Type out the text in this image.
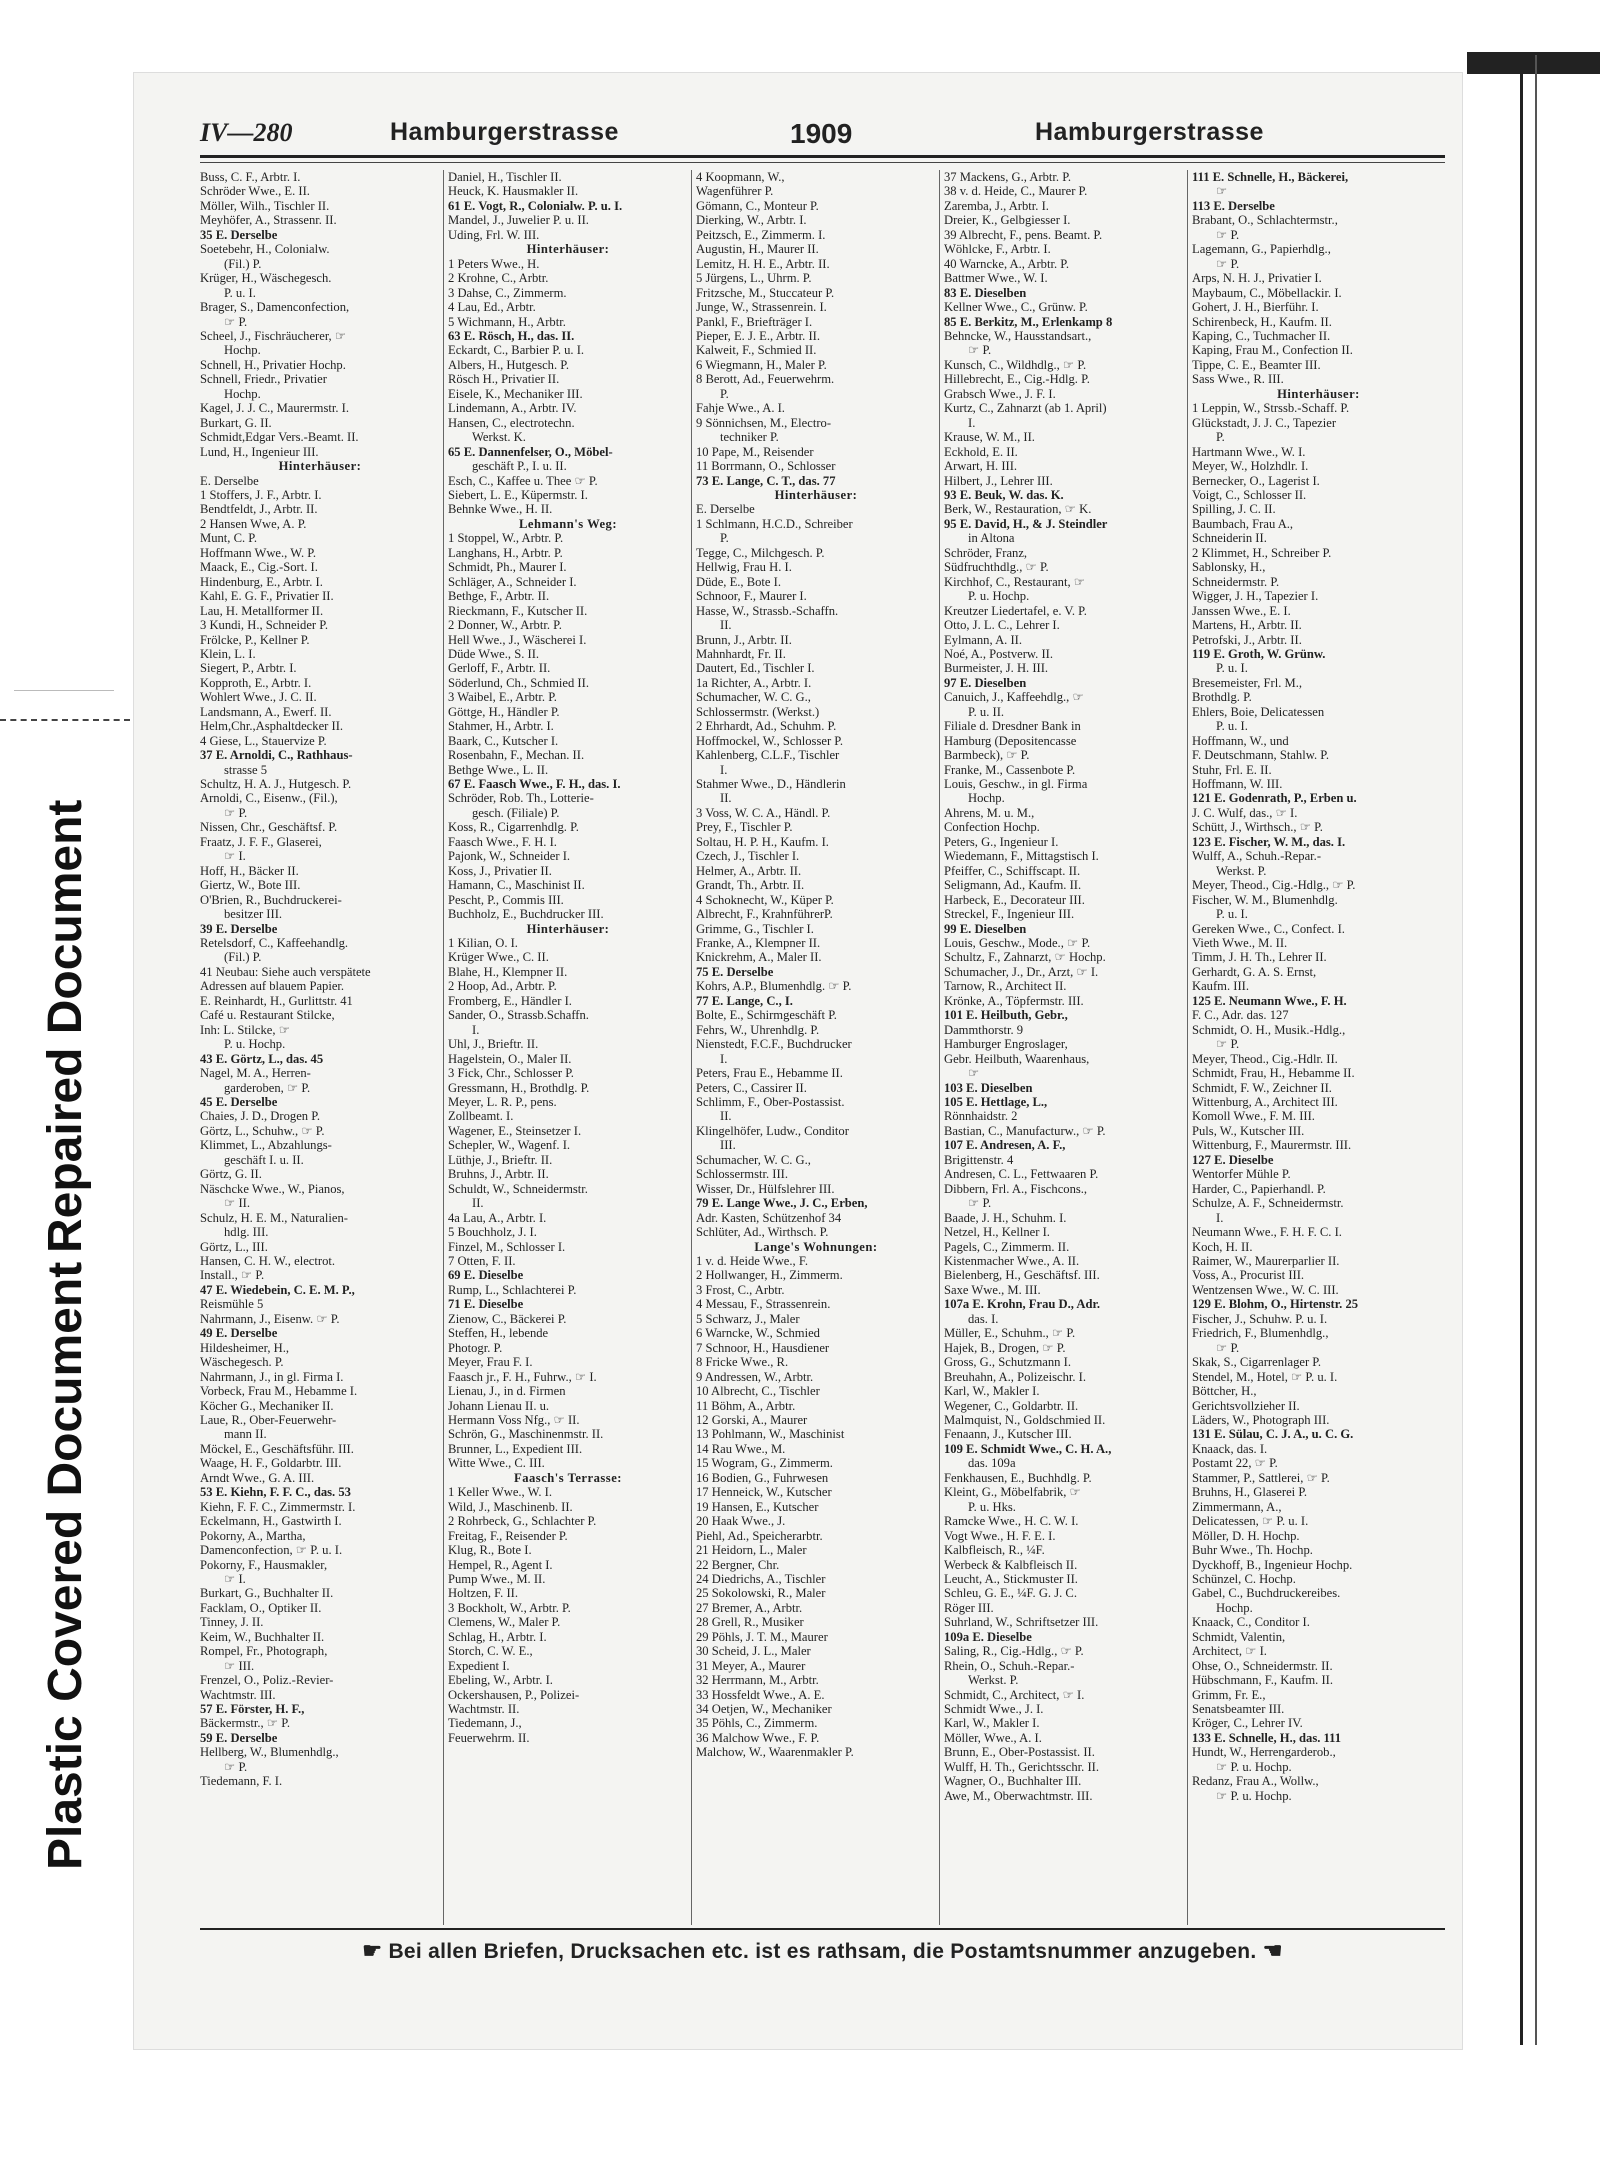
Repaired Document
Plastic Covered Document
IV—280	Hamburgerstrasse	1909	Hamburgerstrasse
Buss, C. F., Arbtr. I.
Schröder Wwe., E. II.
Möller, Wilh., Tischler II.
Meyhöfer, A., Strassenr. II.
35 E. Derselbe
Soetebehr, H., Colonialw.
(Fil.) P.
Krüger, H., Wäschegesch.
P. u. I.
Brager, S., Damenconfection,
☞ P.
Scheel, J., Fischräucherer, ☞
Hochp.
Schnell, H., Privatier Hochp.
Schnell, Friedr., Privatier
Hochp.
Kagel, J. J. C., Maurermstr. I.
Burkart, G. II.
Schmidt,Edgar Vers.-Beamt. II.
Lund, H., Ingenieur III.
Hinterhäuser:
E. Derselbe
1 Stoffers, J. F., Arbtr. I.
Bendtfeldt, J., Arbtr. II.
2 Hansen Wwe, A. P.
Munt, C. P.
Hoffmann Wwe., W. P.
Maack, E., Cig.-Sort. I.
Hindenburg, E., Arbtr. I.
Kahl, E. G. F., Privatier II.
Lau, H. Metallformer II.
3 Kundi, H., Schneider P.
Frölcke, P., Kellner P.
Klein, L. I.
Siegert, P., Arbtr. I.
Kopproth, E., Arbtr. I.
Wohlert Wwe., J. C. II.
Landsmann, A., Ewerf. II.
Helm,Chr.,Asphaltdecker II.
4 Giese, L., Stauervize P.
37 E. Arnoldi, C., Rathhaus-
strasse 5
Schultz, H. A. J., Hutgesch. P.
Arnoldi, C., Eisenw., (Fil.),
☞ P.
Nissen, Chr., Geschäftsf. P.
Fraatz, J. F. F., Glaserei,
☞ I.
Hoff, H., Bäcker II.
Giertz, W., Bote III.
O'Brien, R., Buchdruckerei-
besitzer III.
39 E. Derselbe
Retelsdorf, C., Kaffeehandlg.
(Fil.) P.
41 Neubau: Siehe auch verspätete
Adressen auf blauem Papier.
E. Reinhardt, H., Gurlittstr. 41
Café u. Restaurant Stilcke,
Inh: L. Stilcke, ☞
P. u. Hochp.
43 E. Görtz, L., das. 45
Nagel, M. A., Herren-
garderoben, ☞ P.
45 E. Derselbe
Chaies, J. D., Drogen P.
Görtz, L., Schuhw., ☞ P.
Klimmet, L., Abzahlungs-
geschäft I. u. II.
Görtz, G. II.
Näschcke Wwe., W., Pianos,
☞ II.
Schulz, H. E. M., Naturalien-
hdlg. III.
Görtz, L., III.
Hansen, C. H. W., electrot.
Install., ☞ P.
47 E. Wiedebein, C. E. M. P.,
Reismühle 5
Nahrmann, J., Eisenw. ☞ P.
49 E. Derselbe
Hildesheimer, H.,
Wäschegesch. P.
Nahrmann, J., in gl. Firma I.
Vorbeck, Frau M., Hebamme I.
Köcher G., Mechaniker II.
Laue, R., Ober-Feuerwehr-
mann II.
Möckel, E., Geschäftsführ. III.
Waage, H. F., Goldarbtr. III.
Arndt Wwe., G. A. III.
53 E. Kiehn, F. F. C., das. 53
Kiehn, F. F. C., Zimmermstr. I.
Eckelmann, H., Gastwirth I.
Pokorny, A., Martha,
Damenconfection, ☞ P. u. I.
Pokorny, F., Hausmakler,
☞ I.
Burkart, G., Buchhalter II.
Facklam, O., Optiker II.
Tinney, J. II.
Keim, W., Buchhalter II.
Rompel, Fr., Photograph,
☞ III.
Frenzel, O., Poliz.-Revier-
Wachtmstr. III.
57 E. Förster, H. F.,
Bäckermstr., ☞ P.
59 E. Derselbe
Hellberg, W., Blumenhdlg.,
☞ P.
Tiedemann, F. I.
Daniel, H., Tischler II.
Heuck, K. Hausmakler II.
61 E. Vogt, R., Colonialw. P. u. I.
Mandel, J., Juwelier P. u. II.
Uding, Frl. W. III.
Hinterhäuser:
1 Peters Wwe., H.
2 Krohne, C., Arbtr.
3 Dahse, C., Zimmerm.
4 Lau, Ed., Arbtr.
5 Wichmann, H., Arbtr.
63 E. Rösch, H., das. II.
Eckardt, C., Barbier P. u. I.
Albers, H., Hutgesch. P.
Rösch H., Privatier II.
Eisele, K., Mechaniker III.
Lindemann, A., Arbtr. IV.
Hansen, C., electrotechn.
Werkst. K.
65 E. Dannenfelser, O., Möbel-
geschäft P., I. u. II.
Esch, C., Kaffee u. Thee ☞ P.
Siebert, L. E., Küpermstr. I.
Behnke Wwe., H. II.
Lehmann's Weg:
1 Stoppel, W., Arbtr. P.
Langhans, H., Arbtr. P.
Schmidt, Ph., Maurer I.
Schläger, A., Schneider I.
Bethge, F., Arbtr. II.
Rieckmann, F., Kutscher II.
2 Donner, W., Arbtr. P.
Hell Wwe., J., Wäscherei I.
Düde Wwe., S. II.
Gerloff, F., Arbtr. II.
Söderlund, Ch., Schmied II.
3 Waibel, E., Arbtr. P.
Göttge, H., Händler P.
Stahmer, H., Arbtr. I.
Baark, C., Kutscher I.
Rosenbahn, F., Mechan. II.
Bethge Wwe., L. II.
67 E. Faasch Wwe., F. H., das. I.
Schröder, Rob. Th., Lotterie-
gesch. (Filiale) P.
Koss, R., Cigarrenhdlg. P.
Faasch Wwe., F. H. I.
Pajonk, W., Schneider I.
Koss, J., Privatier II.
Hamann, C., Maschinist II.
Pescht, P., Commis III.
Buchholz, E., Buchdrucker III.
Hinterhäuser:
1 Kilian, O. I.
Krüger Wwe., C. II.
Blahe, H., Klempner II.
2 Hoop, Ad., Arbtr. P.
Fromberg, E., Händler I.
Sander, O., Strassb.Schaffn.
I.
Uhl, J., Brieftr. II.
Hagelstein, O., Maler II.
3 Fick, Chr., Schlosser P.
Gressmann, H., Brothdlg. P.
Meyer, L. R. P., pens.
Zollbeamt. I.
Wagener, E., Steinsetzer I.
Schepler, W., Wagenf. I.
Lüthje, J., Brieftr. II.
Bruhns, J., Arbtr. II.
Schuldt, W., Schneidermstr.
II.
4a Lau, A., Arbtr. I.
5 Bouchholz, J. I.
Finzel, M., Schlosser I.
7 Otten, F. II.
69 E. Dieselbe
Rump, L., Schlachterei P.
71 E. Dieselbe
Zienow, C., Bäckerei P.
Steffen, H., lebende
Photogr. P.
Meyer, Frau F. I.
Faasch jr., F. H., Fuhrw., ☞ I.
Lienau, J., in d. Firmen
Johann Lienau II. u.
Hermann Voss Nfg., ☞ II.
Schrön, G., Maschinenmstr. II.
Brunner, L., Expedient III.
Witte Wwe., C. III.
Faasch's Terrasse:
1 Keller Wwe., W. I.
Wild, J., Maschinenb. II.
2 Rohrbeck, G., Schlachter P.
Freitag, F., Reisender P.
Klug, R., Bote I.
Hempel, R., Agent I.
Pump Wwe., M. II.
Holtzen, F. II.
3 Bockholt, W., Arbtr. P.
Clemens, W., Maler P.
Schlag, H., Arbtr. I.
Storch, C. W. E.,
Expedient I.
Ebeling, W., Arbtr. I.
Ockershausen, P., Polizei-
Wachtmstr. II.
Tiedemann, J.,
Feuerwehrm. II.
4 Koopmann, W.,
Wagenführer P.
Gömann, C., Monteur P.
Dierking, W., Arbtr. I.
Peitzsch, E., Zimmerm. I.
Augustin, H., Maurer II.
Lemitz, H. H. E., Arbtr. II.
5 Jürgens, L., Uhrm. P.
Fritzsche, M., Stuccateur P.
Junge, W., Strassenrein. I.
Pankl, F., Briefträger I.
Pieper, E. J. E., Arbtr. II.
Kalweit, F., Schmied II.
6 Wiegmann, H., Maler P.
8 Berott, Ad., Feuerwehrm.
P.
Fahje Wwe., A. I.
9 Sönnichsen, M., Electro-
techniker P.
10 Pape, M., Reisender
11 Borrmann, O., Schlosser
73 E. Lange, C. T., das. 77
Hinterhäuser:
E. Derselbe
1 Schlmann, H.C.D., Schreiber
P.
Tegge, C., Milchgesch. P.
Hellwig, Frau H. I.
Düde, E., Bote I.
Schnoor, F., Maurer I.
Hasse, W., Strassb.-Schaffn.
II.
Brunn, J., Arbtr. II.
Mahnhardt, Fr. II.
Dautert, Ed., Tischler I.
1a Richter, A., Arbtr. I.
Schumacher, W. C. G.,
Schlossermstr. (Werkst.)
2 Ehrhardt, Ad., Schuhm. P.
Hoffmockel, W., Schlosser P.
Kahlenberg, C.L.F., Tischler
I.
Stahmer Wwe., D., Händlerin
II.
3 Voss, W. C. A., Händl. P.
Prey, F., Tischler P.
Soltau, H. P. H., Kaufm. I.
Czech, J., Tischler I.
Helmer, A., Arbtr. II.
Grandt, Th., Arbtr. II.
4 Schoknecht, W., Küper P.
Albrecht, F., KrahnführerP.
Grimme, G., Tischler I.
Franke, A., Klempner II.
Knickrehm, A., Maler II.
75 E. Derselbe
Kohrs, A.P., Blumenhdlg. ☞ P.
77 E. Lange, C., I.
Bolte, E., Schirmgeschäft P.
Fehrs, W., Uhrenhdlg. P.
Nienstedt, F.C.F., Buchdrucker
I.
Peters, Frau E., Hebamme II.
Peters, C., Cassirer II.
Schlimm, F., Ober-Postassist.
II.
Klingelhöfer, Ludw., Conditor
III.
Schumacher, W. C. G.,
Schlossermstr. III.
Wisser, Dr., Hülfslehrer III.
79 E. Lange Wwe., J. C., Erben,
Adr. Kasten, Schützenhof 34
Schlüter, Ad., Wirthsch. P.
Lange's Wohnungen:
1 v. d. Heide Wwe., F.
2 Hollwanger, H., Zimmerm.
3 Frost, C., Arbtr.
4 Messau, F., Strassenrein.
5 Schwarz, J., Maler
6 Warncke, W., Schmied
7 Schnoor, H., Hausdiener
8 Fricke Wwe., R.
9 Andressen, W., Arbtr.
10 Albrecht, C., Tischler
11 Böhm, A., Arbtr.
12 Gorski, A., Maurer
13 Pohlmann, W., Maschinist
14 Rau Wwe., M.
15 Wogram, G., Zimmerm.
16 Bodien, G., Fuhrwesen
17 Henneick, W., Kutscher
19 Hansen, E., Kutscher
20 Haak Wwe., J.
Piehl, Ad., Speicherarbtr.
21 Heidorn, L., Maler
22 Bergner, Chr.
24 Diedrichs, A., Tischler
25 Sokolowski, R., Maler
27 Bremer, A., Arbtr.
28 Grell, R., Musiker
29 Pöhls, J. T. M., Maurer
30 Scheid, J. L., Maler
31 Meyer, A., Maurer
32 Herrmann, M., Arbtr.
33 Hossfeldt Wwe., A. E.
34 Oetjen, W., Mechaniker
35 Pöhls, C., Zimmerm.
36 Malchow Wwe., F. P.
Malchow, W., Waarenmakler P.
37 Mackens, G., Arbtr. P.
38 v. d. Heide, C., Maurer P.
Zaremba, J., Arbtr. I.
Dreier, K., Gelbgiesser I.
39 Albrecht, F., pens. Beamt. P.
Wöhlcke, F., Arbtr. I.
40 Warncke, A., Arbtr. P.
Battmer Wwe., W. I.
83 E. Dieselben
Kellner Wwe., C., Grünw. P.
85 E. Berkitz, M., Erlenkamp 8
Behncke, W., Hausstandsart.,
☞ P.
Kunsch, C., Wildhdlg., ☞ P.
Hillebrecht, E., Cig.-Hdlg. P.
Grabsch Wwe., J. F. I.
Kurtz, C., Zahnarzt (ab 1. April)
I.
Krause, W. M., II.
Eckhold, E. II.
Arwart, H. III.
Hilbert, J., Lehrer III.
93 E. Beuk, W. das. K.
Berk, W., Restauration, ☞ K.
95 E. David, H., & J. Steindler
in Altona
Schröder, Franz,
Südfruchthdlg., ☞ P.
Kirchhof, C., Restaurant, ☞
P. u. Hochp.
Kreutzer Liedertafel, e. V. P.
Otto, J. L. C., Lehrer I.
Eylmann, A. II.
Noé, A., Postverw. II.
Burmeister, J. H. III.
97 E. Dieselben
Canuich, J., Kaffeehdlg., ☞
P. u. II.
Filiale d. Dresdner Bank in
Hamburg (Depositencasse
Barmbeck), ☞ P.
Franke, M., Cassenbote P.
Louis, Geschw., in gl. Firma
Hochp.
Ahrens, M. u. M.,
Confection Hochp.
Peters, G., Ingenieur I.
Wiedemann, F., Mittagstisch I.
Pfeiffer, C., Schiffscapt. II.
Seligmann, Ad., Kaufm. II.
Harbeck, E., Decorateur III.
Streckel, F., Ingenieur III.
99 E. Dieselben
Louis, Geschw., Mode., ☞ P.
Schultz, F., Zahnarzt, ☞ Hochp.
Schumacher, J., Dr., Arzt, ☞ I.
Tarnow, R., Architect II.
Krönke, A., Töpfermstr. III.
101 E. Heilbuth, Gebr.,
Dammthorstr. 9
Hamburger Engroslager,
Gebr. Heilbuth, Waarenhaus,
☞
103 E. Dieselben
105 E. Hettlage, L.,
Rönnhaidstr. 2
Bastian, C., Manufacturw., ☞ P.
107 E. Andresen, A. F.,
Brigittenstr. 4
Andresen, C. L., Fettwaaren P.
Dibbern, Frl. A., Fischcons.,
☞ P.
Baade, J. H., Schuhm. I.
Netzel, H., Kellner I.
Pagels, C., Zimmerm. II.
Kistenmacher Wwe., A. II.
Bielenberg, H., Geschäftsf. III.
Saxe Wwe., M. III.
107a E. Krohn, Frau D., Adr.
das. I.
Müller, E., Schuhm., ☞ P.
Hajek, B., Drogen, ☞ P.
Gross, G., Schutzmann I.
Breuhahn, A., Polizeischr. I.
Karl, W., Makler I.
Wegener, C., Goldarbtr. II.
Malmquist, N., Goldschmied II.
Fenaann, J., Kutscher III.
109 E. Schmidt Wwe., C. H. A.,
das. 109a
Fenkhausen, E., Buchhdlg. P.
Kleint, G., Möbelfabrik, ☞
P. u. Hks.
Ramcke Wwe., H. C. W. I.
Vogt Wwe., H. F. E. I.
Kalbfleisch, R., ¼F.
Werbeck & Kalbfleisch II.
Leucht, A., Stickmuster II.
Schleu, G. E., ¼F. G. J. C.
Röger III.
Suhrland, W., Schriftsetzer III.
109a E. Dieselbe
Saling, R., Cig.-Hdlg., ☞ P.
Rhein, O., Schuh.-Repar.-
Werkst. P.
Schmidt, C., Architect, ☞ I.
Schmidt Wwe., J. I.
Karl, W., Makler I.
Möller, Wwe., A. I.
Brunn, E., Ober-Postassist. II.
Wulff, H. Th., Gerichtsschr. II.
Wagner, O., Buchhalter III.
Awe, M., Oberwachtmstr. III.
111 E. Schnelle, H., Bäckerei,
☞
113 E. Derselbe
Brabant, O., Schlachtermstr.,
☞ P.
Lagemann, G., Papierhdlg.,
☞ P.
Arps, N. H. J., Privatier I.
Maybaum, C., Möbellackir. I.
Gohert, J. H., Bierführ. I.
Schirenbeck, H., Kaufm. II.
Kaping, C., Tuchmacher II.
Kaping, Frau M., Confection II.
Tippe, C. E., Beamter III.
Sass Wwe., R. III.
Hinterhäuser:
1 Leppin, W., Strssb.-Schaff. P.
Glückstadt, J. J. C., Tapezier
P.
Hartmann Wwe., W. I.
Meyer, W., Holzhdlr. I.
Bernecker, O., Lagerist I.
Voigt, C., Schlosser II.
Spilling, J. C. II.
Baumbach, Frau A.,
Schneiderin II.
2 Klimmet, H., Schreiber P.
Sablonsky, H.,
Schneidermstr. P.
Wigger, J. H., Tapezier I.
Janssen Wwe., E. I.
Martens, H., Arbtr. II.
Petrofski, J., Arbtr. II.
119 E. Groth, W. Grünw.
P. u. I.
Bresemeister, Frl. M.,
Brothdlg. P.
Ehlers, Boie, Delicatessen
P. u. I.
Hoffmann, W., und
F. Deutschmann, Stahlw. P.
Stuhr, Frl. E. II.
Hoffmann, W. III.
121 E. Godenrath, P., Erben u.
J. C. Wulf, das., ☞ I.
Schütt, J., Wirthsch., ☞ P.
123 E. Fischer, W. M., das. I.
Wulff, A., Schuh.-Repar.-
Werkst. P.
Meyer, Theod., Cig.-Hdlg., ☞ P.
Fischer, W. M., Blumenhdlg.
P. u. I.
Gereken Wwe., C., Confect. I.
Vieth Wwe., M. II.
Timm, J. H. Th., Lehrer II.
Gerhardt, G. A. S. Ernst,
Kaufm. III.
125 E. Neumann Wwe., F. H.
F. C., Adr. das. 127
Schmidt, O. H., Musik.-Hdlg.,
☞ P.
Meyer, Theod., Cig.-Hdlr. II.
Schmidt, Frau, H., Hebamme II.
Schmidt, F. W., Zeichner II.
Wittenburg, A., Architect III.
Komoll Wwe., F. M. III.
Puls, W., Kutscher III.
Wittenburg, F., Maurermstr. III.
127 E. Dieselbe
Wentorfer Mühle P.
Harder, C., Papierhandl. P.
Schulze, A. F., Schneidermstr.
I.
Neumann Wwe., F. H. F. C. I.
Koch, H. II.
Raimer, W., Maurerparlier II.
Voss, A., Procurist III.
Wentzensen Wwe., W. C. III.
129 E. Blohm, O., Hirtenstr. 25
Fischer, J., Schuhw. P. u. I.
Friedrich, F., Blumenhdlg.,
☞ P.
Skak, S., Cigarrenlager P.
Stendel, M., Hotel, ☞ P. u. I.
Böttcher, H.,
Gerichtsvollzieher II.
Läders, W., Photograph III.
131 E. Sülau, C. J. A., u. C. G.
Knaack, das. I.
Postamt 22, ☞ P.
Stammer, P., Sattlerei, ☞ P.
Bruhns, H., Glaserei P.
Zimmermann, A.,
Delicatessen, ☞ P. u. I.
Möller, D. H. Hochp.
Buhr Wwe., Th. Hochp.
Dyckhoff, B., Ingenieur Hochp.
Schünzel, C. Hochp.
Gabel, C., Buchdruckereibes.
Hochp.
Knaack, C., Conditor I.
Schmidt, Valentin,
Architect, ☞ I.
Ohse, O., Schneidermstr. II.
Hübschmann, F., Kaufm. II.
Grimm, Fr. E.,
Senatsbeamter III.
Kröger, C., Lehrer IV.
133 E. Schnelle, H., das. 111
Hundt, W., Herrengarderob.,
☞ P. u. Hochp.
Redanz, Frau A., Wollw.,
☞ P. u. Hochp.
☛ Bei allen Briefen, Drucksachen etc. ist es rathsam, die Postamtsnummer anzugeben. ☚
